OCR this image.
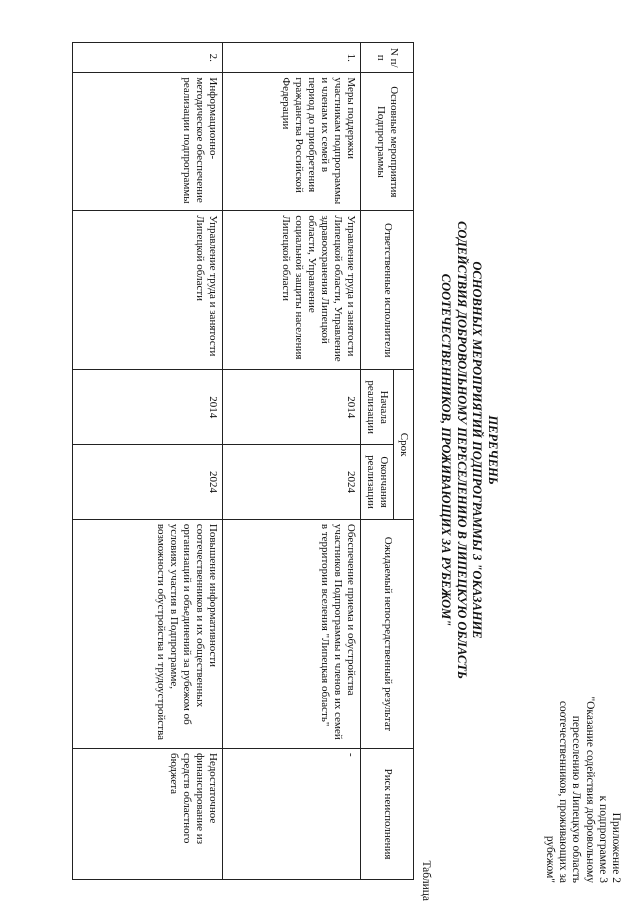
Приложение 2
к подпрограмме 3
"Оказание содействия добровольному переселению в Липецкую область соотечественников, проживающих за рубежом"
ПЕРЕЧЕНЬ
ОСНОВНЫХ МЕРОПРИЯТИЙ ПОДПРОГРАММЫ 3 "ОКАЗАНИЕ
СОДЕЙСТВИЯ ДОБРОВОЛЬНОМУ ПЕРЕСЕЛЕНИЮ В ЛИПЕЦКУЮ ОБЛАСТЬ
СООТЕЧЕСТВЕННИКОВ, ПРОЖИВАЮЩИХ ЗА РУБЕЖОМ"
Таблица
N п/п	Основные мероприятия Подпрограммы	Ответственные исполнители	Срок		Ожидаемый непосредственный результат	Риск неисполнения
			Начала реализации	Окончания реализации		
1.	Меры поддержки участникам подпрограммы и членам их семей в период до приобретения гражданства Российской Федерации	Управление труда и занятости Липецкой области, Управление здравоохранения Липецкой области, Управление социальной защиты населения Липецкой области	2014	2024	Обеспечение приема и обустройства участников Подпрограммы и членов их семей в территории вселения "Липецкая область"	-
2.	Информационно-методическое обеспечение реализации подпрограммы	Управление труда и занятости Липецкой области	2014	2024	Повышение информативности соотечественников и их общественных организаций и объединений за рубежом об условиях участия в Подпрограмме, возможности обустройства и трудоустройства	Недостаточное финансирование из средств областного бюджета
